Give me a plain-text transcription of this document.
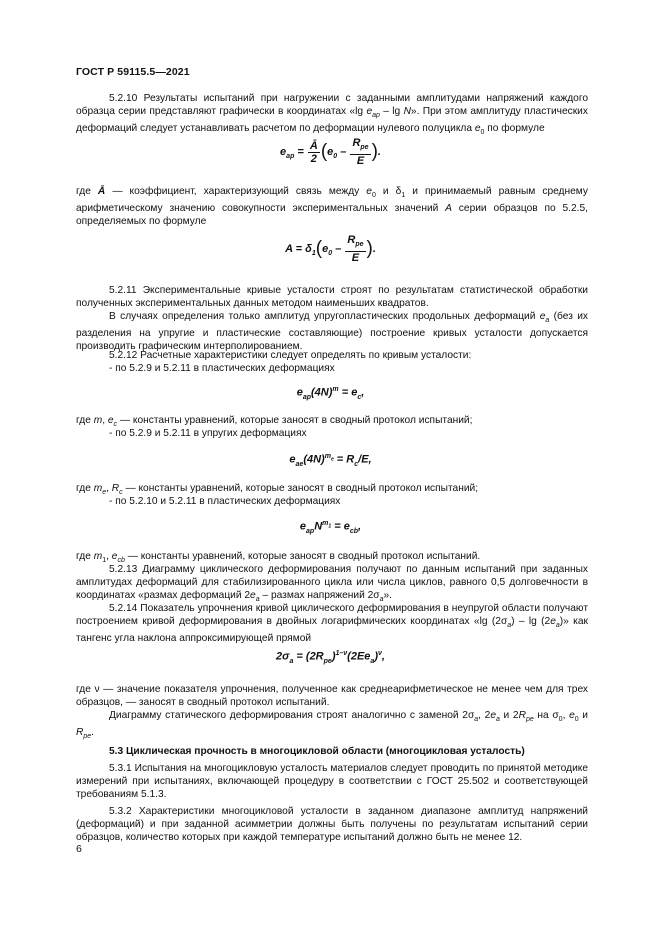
ГОСТ Р 59115.5—2021
5.2.10 Результаты испытаний при нагружении с заданными амплитудами напряжений каждого образца серии представляют графически в координатах «lg $e_{ap}$ – lg N». При этом амплитуду пластических деформаций следует устанавливать расчетом по деформации нулевого полуцикла $e_0$ по формуле
$e_{ap} = \frac{Ā}{2} (e_0 - \frac{R_{pe}}{E}$ ).
где Ā — коэффициент, характеризующий связь между $e_0$ и $\delta_1$ и принимаемый равным среднему арифметическому значению совокупности экспериментальных значений A серии образцов по 5.2.5, определяемых по формуле
$A = \delta_1(e_0 - \frac{R_{pe}}{E}$ ).
5.2.11 Экспериментальные кривые усталости строят по результатам статистической обработки полученных экспериментальных данных методом наименьших квадратов.
В случаях определения только амплитуд упругопластических продольных деформаций $e_a$ (без их разделения на упругие и пластические составляющие) построение кривых усталости допускается производить графическим интерполированием.
5.2.12 Расчетные характеристики следует определять по кривым усталости:
- по 5.2.9 и 5.2.11 в пластических деформациях
$e_{ap}(4N)^m = e_c$,
где m, $e_c$ — константы уравнений, которые заносят в сводный протокол испытаний;
- по 5.2.9 и 5.2.11 в упругих деформациях
$e_{ae}(4N)^{m_e} = R_c/E$,
где $m_e$, $R_c$ — константы уравнений, которые заносят в сводный протокол испытаний;
- по 5.2.10 и 5.2.11 в пластических деформациях
$e_{ap}N^{m_1} = e_{cb}$,
где $m_1$, $e_{cb}$ — константы уравнений, которые заносят в сводный протокол испытаний.
5.2.13 Диаграмму циклического деформирования получают по данным испытаний при заданных амплитудах деформаций для стабилизированного цикла или числа циклов, равного 0,5 долговечности в координатах «размах деформаций $2e_a$ – размах напряжений $2\sigma_a$».
5.2.14 Показатель упрочнения кривой циклического деформирования в неупругой области получают построением кривой деформирования в двойных логарифмических координатах «lg $(2\sigma_a)$ – $\lg (2e_a)$» как тангенс угла наклона аппроксимирующей прямой
$2\sigma_a = (2R_{pe})^{1-\nu}(2Ee_a)^\nu$,
где ν — значение показателя упрочнения, полученное как среднеарифметическое не менее чем для трех образцов, — заносят в сводный протокол испытаний.
Диаграмму статического деформирования строят аналогично с заменой $2\sigma_a$, $2e_a$ и $2R_{pe}$ на $\sigma_0$, $e_0$ и $R_{pe}$.
5.3 Циклическая прочность в многоцикловой области (многоцикловая усталость)
5.3.1 Испытания на многоцикловую усталость материалов следует проводить по принятой методике измерений при испытаниях, включающей процедуру в соответствии с ГОСТ 25.502 и соответствующей требованиям 5.1.3.
5.3.2 Характеристики многоцикловой усталости в заданном диапазоне амплитуд напряжений (деформаций) и при заданной асимметрии должны быть получены по результатам испытаний серии образцов, количество которых при каждой температуре испытаний должно быть не менее 12.
6
